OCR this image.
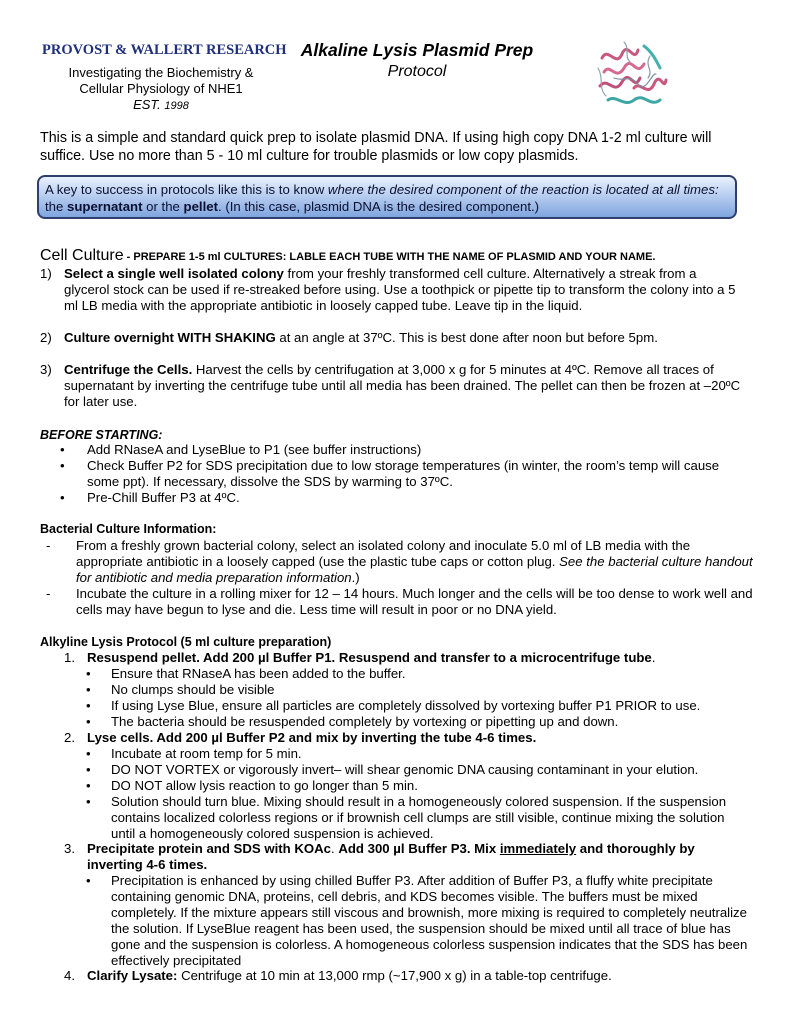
PROVOST & WALLERT RESEARCH
Investigating the Biochemistry &
Cellular Physiology of NHE1
EST. 1998
Alkaline Lysis Plasmid Prep
Protocol
This is a simple and standard quick prep to isolate plasmid DNA. If using high copy DNA 1-2 ml culture will suffice. Use no more than 5 - 10 ml culture for trouble plasmids or low copy plasmids.
A key to success in protocols like this is to know where the desired component of the reaction is located at all times: the supernatant or the pellet. (In this case, plasmid DNA is the desired component.)
Cell Culture - PREPARE 1-5 ml CULTURES: LABLE EACH TUBE WITH THE NAME OF PLASMID AND YOUR NAME.
1) Select a single well isolated colony from your freshly transformed cell culture. Alternatively a streak from a glycerol stock can be used if re-streaked before using. Use a toothpick or pipette tip to transform the colony into a 5 ml LB media with the appropriate antibiotic in loosely capped tube. Leave tip in the liquid.
2) Culture overnight WITH SHAKING at an angle at 37ºC. This is best done after noon but before 5pm.
3) Centrifuge the Cells. Harvest the cells by centrifugation at 3,000 x g for 5 minutes at 4ºC. Remove all traces of supernatant by inverting the centrifuge tube until all media has been drained. The pellet can then be frozen at –20ºC for later use.
BEFORE STARTING:
•	Add RNaseA and LyseBlue to P1 (see buffer instructions)
•	Check Buffer P2 for SDS precipitation due to low storage temperatures (in winter, the room’s temp will cause some ppt). If necessary, dissolve the SDS by warming to 37ºC.
•	Pre-Chill Buffer P3 at 4ºC.
Bacterial Culture Information:
-	From a freshly grown bacterial colony, select an isolated colony and inoculate 5.0 ml of LB media with the appropriate antibiotic in a loosely capped (use the plastic tube caps or cotton plug. See the bacterial culture handout for antibiotic and media preparation information.)
-	Incubate the culture in a rolling mixer for 12 – 14 hours. Much longer and the cells will be too dense to work well and cells may have begun to lyse and die. Less time will result in poor or no DNA yield.
Alkyline Lysis Protocol (5 ml culture preparation)
1. Resuspend pellet. Add 200 µl Buffer P1. Resuspend and transfer to a microcentrifuge tube.
•	Ensure that RNaseA has been added to the buffer.
•	No clumps should be visible
•	If using Lyse Blue, ensure all particles are completely dissolved by vortexing buffer P1 PRIOR to use.
•	The bacteria should be resuspended completely by vortexing or pipetting up and down.
2. Lyse cells. Add 200 µl Buffer P2 and mix by inverting the tube 4-6 times.
•	Incubate at room temp for 5 min.
•	DO NOT VORTEX or vigorously invert– will shear genomic DNA causing contaminant in your elution.
•	DO NOT allow lysis reaction to go longer than 5 min.
•	Solution should turn blue. Mixing should result in a homogeneously colored suspension. If the suspension contains localized colorless regions or if brownish cell clumps are still visible, continue mixing the solution until a homogeneously colored suspension is achieved.
3. Precipitate protein and SDS with KOAc. Add 300 µl Buffer P3. Mix immediately and thoroughly by inverting 4-6 times.
•	Precipitation is enhanced by using chilled Buffer P3. After addition of Buffer P3, a fluffy white precipitate containing genomic DNA, proteins, cell debris, and KDS becomes visible. The buffers must be mixed completely. If the mixture appears still viscous and brownish, more mixing is required to completely neutralize the solution. If LyseBlue reagent has been used, the suspension should be mixed until all trace of blue has gone and the suspension is colorless. A homogeneous colorless suspension indicates that the SDS has been effectively precipitated
4. Clarify Lysate: Centrifuge at 10 min at 13,000 rmp (~17,900 x g) in a table-top centrifuge.
